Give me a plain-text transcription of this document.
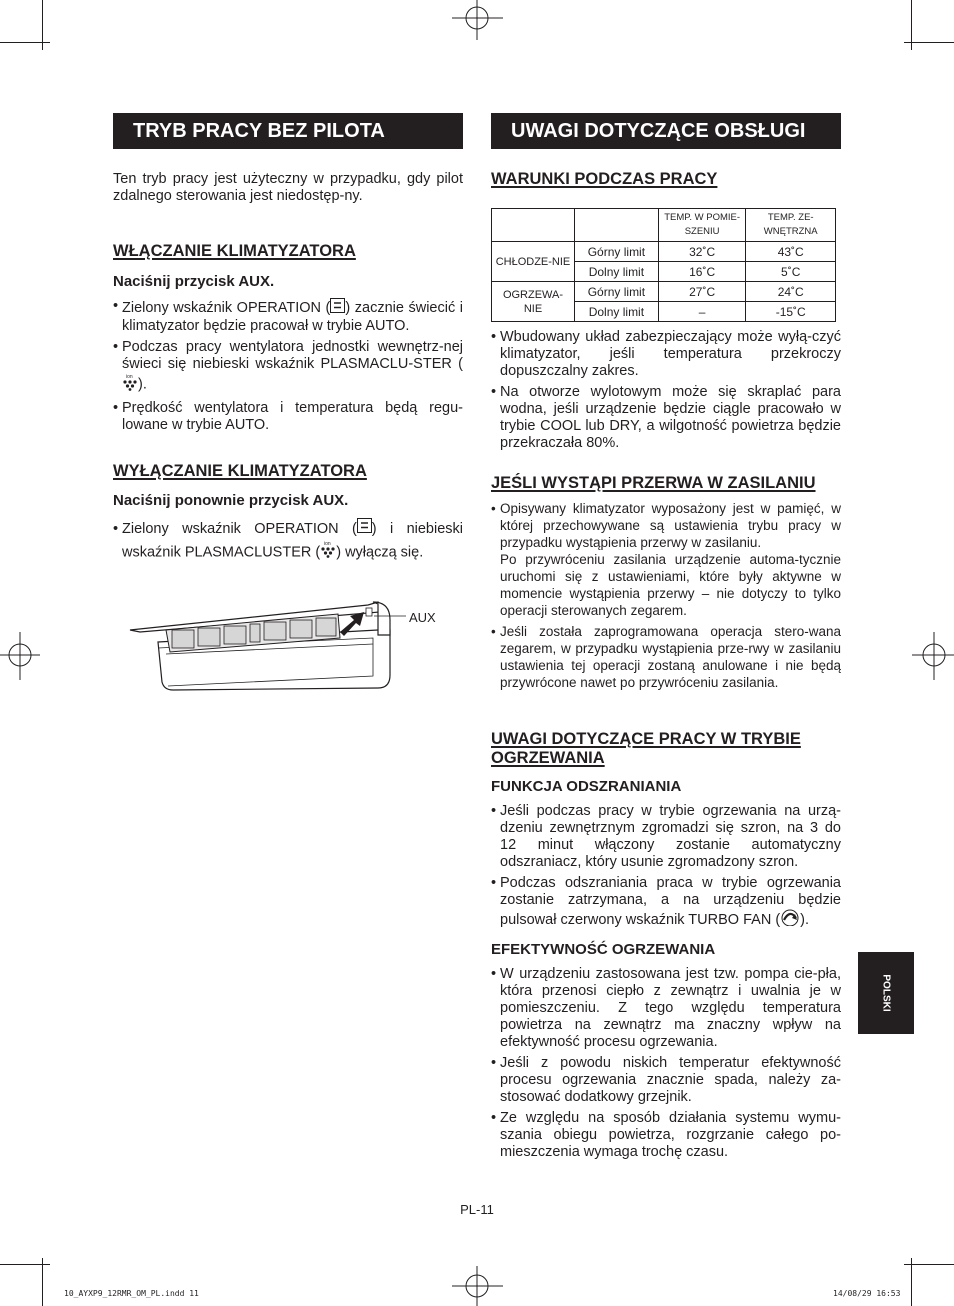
TRYB PRACY BEZ PILOTA
Ten tryb pracy jest użyteczny w przypadku, gdy pilot zdalnego sterowania jest niedostęp-ny.
WŁĄCZANIE KLIMATYZATORA
Naciśnij przycisk AUX.
• Zielony wskaźnik OPERATION ( ) zacznie świecić i klimatyzator będzie pracował w trybie AUTO.
• Podczas pracy wentylatora jednostki wewnętrz-nej świeci się niebieski wskaźnik PLASMACLU-STER (
ion ).
• Prędkość wentylatora i temperatura będą regu-lowane w trybie AUTO.
WYŁĄCZANIE KLIMATYZATORA
Naciśnij ponownie przycisk AUX.
• Zielony wskaźnik OPERATION ( ) i niebieski wskaźnik PLASMACLUSTER (
ion
) wyłączą się.
AUX
UWAGI DOTYCZĄCE OBSŁUGI
WARUNKI PODCZAS PRACY
		TEMP. W POMIE-SZENIU	TEMP. ZE-WNĘTRZNA
CHŁODZE-NIE	Górny limit	32˚C	43˚C
	Dolny limit	16˚C	5˚C
OGRZEWA-NIE	Górny limit	27˚C	24˚C
	Dolny limit	–	-15˚C
• Wbudowany układ zabezpieczający może wyłą-czyć klimatyzator, jeśli temperatura przekroczy dopuszczalny zakres.
• Na otworze wylotowym może się skraplać para wodna, jeśli urządzenie będzie ciągle pracowało w trybie COOL lub DRY, a wilgotność powietrza będzie przekraczała 80%.
JEŚLI WYSTĄPI PRZERWA W ZASILANIU
• Opisywany klimatyzator wyposażony jest w pamięć, w której przechowywane są ustawienia trybu pracy w przypadku wystąpienia przerwy w zasilaniu.
Po przywróceniu zasilania urządzenie automa-tycznie uruchomi się z ustawieniami, które były aktywne w momencie wystąpienia przerwy – nie dotyczy to tylko operacji sterowanych zegarem.
• Jeśli została zaprogramowana operacja stero-wana zegarem, w przypadku wystąpienia prze-rwy w zasilaniu ustawienia tej operacji zostaną anulowane i nie będą przywrócone nawet po przywróceniu zasilania.
UWAGI DOTYCZĄCE PRACY W TRYBIE OGRZEWANIA
FUNKCJA ODSZRANIANIA
• Jeśli podczas pracy w trybie ogrzewania na urzą-dzeniu zewnętrznym zgromadzi się szron, na 3 do 12 minut włączony zostanie automatyczny odszraniacz, który usunie zgromadzony szron.
• Podczas odszraniania praca w trybie ogrzewania zostanie zatrzymana, a na urządzeniu będzie pulsował czerwony wskaźnik TURBO FAN ( ).
EFEKTYWNOŚĆ OGRZEWANIA
• W urządzeniu zastosowana jest tzw. pompa cie-pła, która przenosi ciepło z zewnątrz i uwalnia je w pomieszczeniu. Z tego względu temperatura powietrza na zewnątrz ma znaczny wpływ na efektywność procesu ogrzewania.
• Jeśli z powodu niskich temperatur efektywność procesu ogrzewania znacznie spada, należy za-stosować dodatkowy grzejnik.
• Ze względu na sposób działania systemu wymu-szania obiegu powietrza, rozgrzanie całego po-mieszczenia wymaga trochę czasu.
POLSKI
PL-11
10_AYXP9_12RMR_OM_PL.indd 11	14/08/29 16:53
